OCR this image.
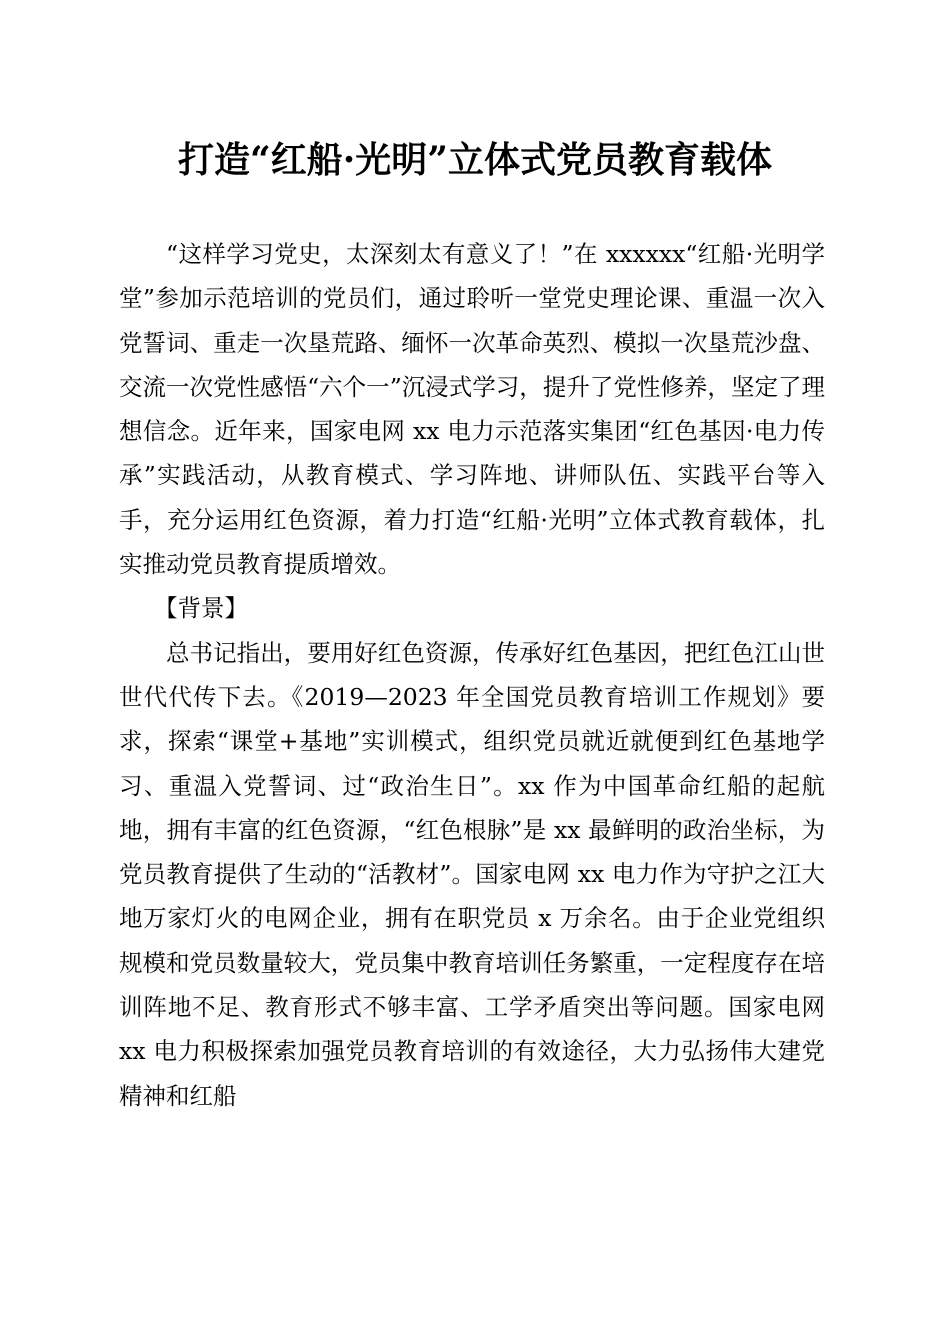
打造“红船·光明”立体式党员教育载体

“这样学习党史，太深刻太有意义了！”在 xxxxxx“红船·光明学堂”参加示范培训的党员们，通过聆听一堂党史理论课、重温一次入党誓词、重走一次垦荒路、缅怀一次革命英烈、模拟一次垦荒沙盘、交流一次党性感悟“六个一”沉浸式学习，提升了党性修养，坚定了理想信念。近年来，国家电网 xx 电力示范落实集团“红色基因·电力传承”实践活动，从教育模式、学习阵地、讲师队伍、实践平台等入手，充分运用红色资源，着力打造“红船·光明”立体式教育载体，扎实推动党员教育提质增效。

【背景】

总书记指出，要用好红色资源，传承好红色基因，把红色江山世世代代传下去。《2019—2023 年全国党员教育培训工作规划》要求，探索“课堂+基地”实训模式，组织党员就近就便到红色基地学习、重温入党誓词、过“政治生日”。xx 作为中国革命红船的起航地，拥有丰富的红色资源，“红色根脉”是 xx 最鲜明的政治坐标，为党员教育提供了生动的“活教材”。国家电网 xx 电力作为守护之江大地万家灯火的电网企业，拥有在职党员 x 万余名。由于企业党组织规模和党员数量较大，党员集中教育培训任务繁重，一定程度存在培训阵地不足、教育形式不够丰富、工学矛盾突出等问题。国家电网 xx 电力积极探索加强党员教育培训的有效途径，大力弘扬伟大建党精神和红船
